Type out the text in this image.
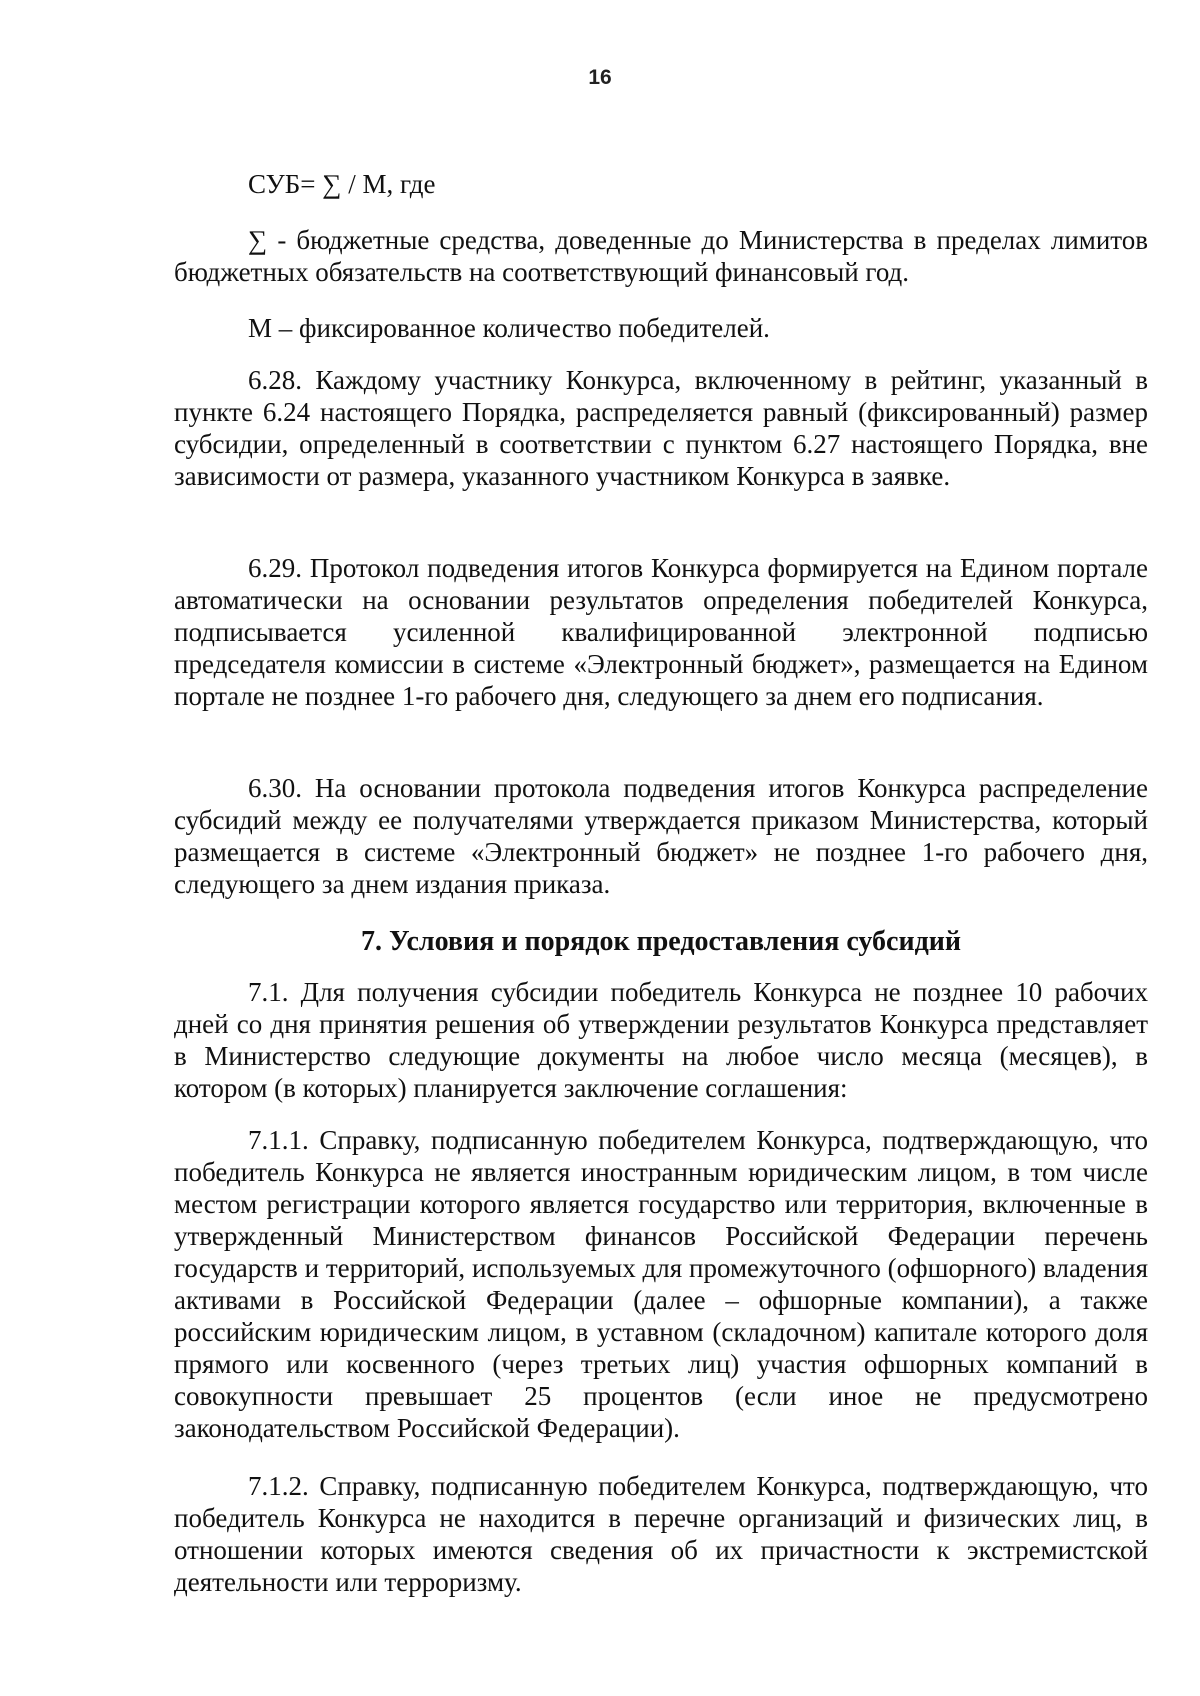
16

СУБ= ∑ / М, где

∑ - бюджетные средства, доведенные до Министерства в пределах лимитов бюджетных обязательств на соответствующий финансовый год.

М – фиксированное количество победителей.

6.28. Каждому участнику Конкурса, включенному в рейтинг, указанный в пункте 6.24 настоящего Порядка, распределяется равный (фиксированный) размер субсидии, определенный в соответствии с пунктом 6.27 настоящего Порядка, вне зависимости от размера, указанного участником Конкурса в заявке.

6.29. Протокол подведения итогов Конкурса формируется на Едином портале автоматически на основании результатов определения победителей Конкурса, подписывается усиленной квалифицированной электронной подписью председателя комиссии в системе «Электронный бюджет», размещается на Едином портале не позднее 1-го рабочего дня, следующего за днем его подписания.

6.30. На основании протокола подведения итогов Конкурса распределение субсидий между ее получателями утверждается приказом Министерства, который размещается в системе «Электронный бюджет» не позднее 1-го рабочего дня, следующего за днем издания приказа.

7. Условия и порядок предоставления субсидий

7.1. Для получения субсидии победитель Конкурса не позднее 10 рабочих дней со дня принятия решения об утверждении результатов Конкурса представляет в Министерство следующие документы на любое число месяца (месяцев), в котором (в которых) планируется заключение соглашения:

7.1.1. Справку, подписанную победителем Конкурса, подтверждающую, что победитель Конкурса не является иностранным юридическим лицом, в том числе местом регистрации которого является государство или территория, включенные в утвержденный Министерством финансов Российской Федерации перечень государств и территорий, используемых для промежуточного (офшорного) владения активами в Российской Федерации (далее – офшорные компании), а также российским юридическим лицом, в уставном (складочном) капитале которого доля прямого или косвенного (через третьих лиц) участия офшорных компаний в совокупности превышает 25 процентов (если иное не предусмотрено законодательством Российской Федерации).

7.1.2. Справку, подписанную победителем Конкурса, подтверждающую, что победитель Конкурса не находится в перечне организаций и физических лиц, в отношении которых имеются сведения об их причастности к экстремистской деятельности или терроризму.
